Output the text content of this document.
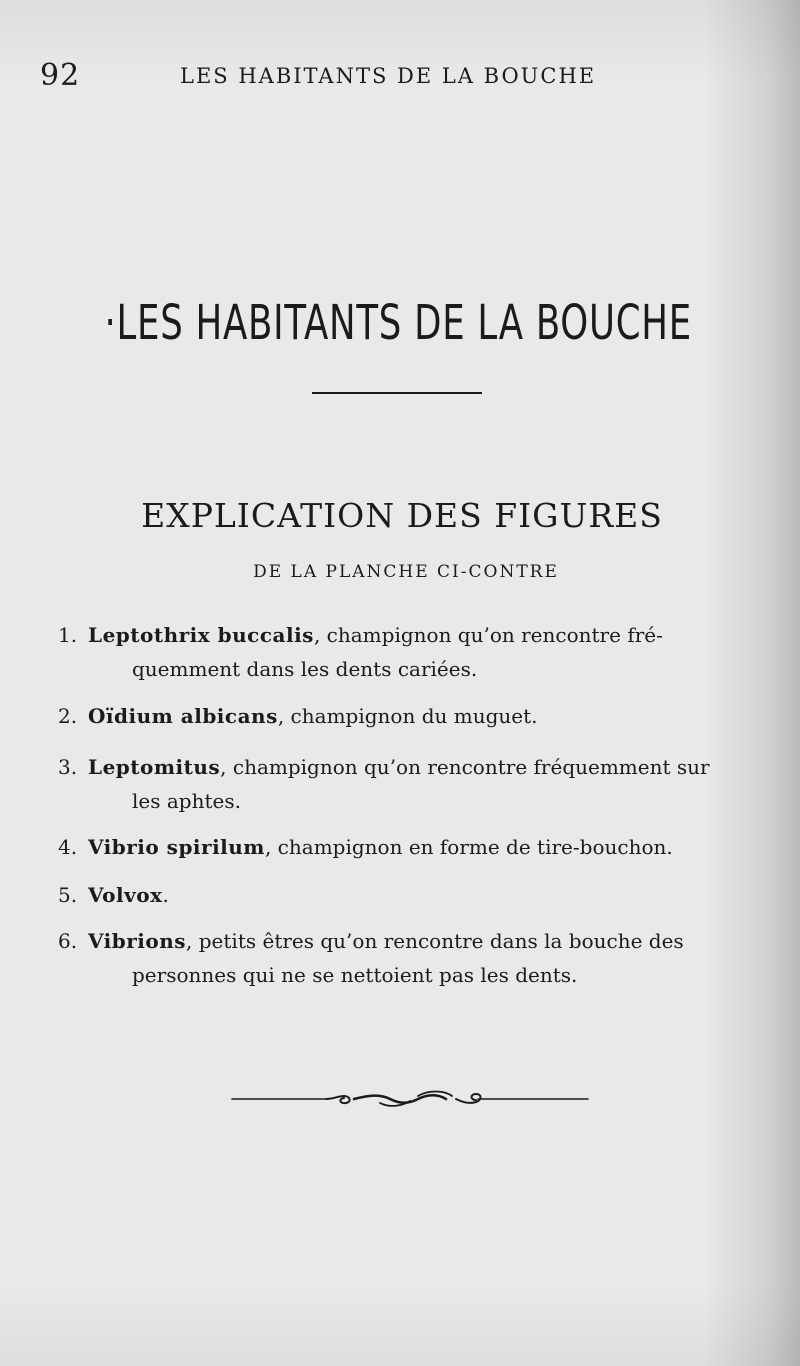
92	LES HABITANTS DE LA BOUCHE
·LES HABITANTS DE LA BOUCHE
EXPLICATION DES FIGURES
DE LA PLANCHE CI-CONTRE
1. Leptothrix buccalis, champignon qu’on rencontre fré-
quemment dans les dents cariées.
2. Oïdium albicans, champignon du muguet.
3. Leptomitus, champignon qu’on rencontre fréquemment sur
les aphtes.
4. Vibrio spirilum, champignon en forme de tire-bouchon.
5. Volvox.
6. Vibrions, petits êtres qu’on rencontre dans la bouche des
personnes qui ne se nettoient pas les dents.
